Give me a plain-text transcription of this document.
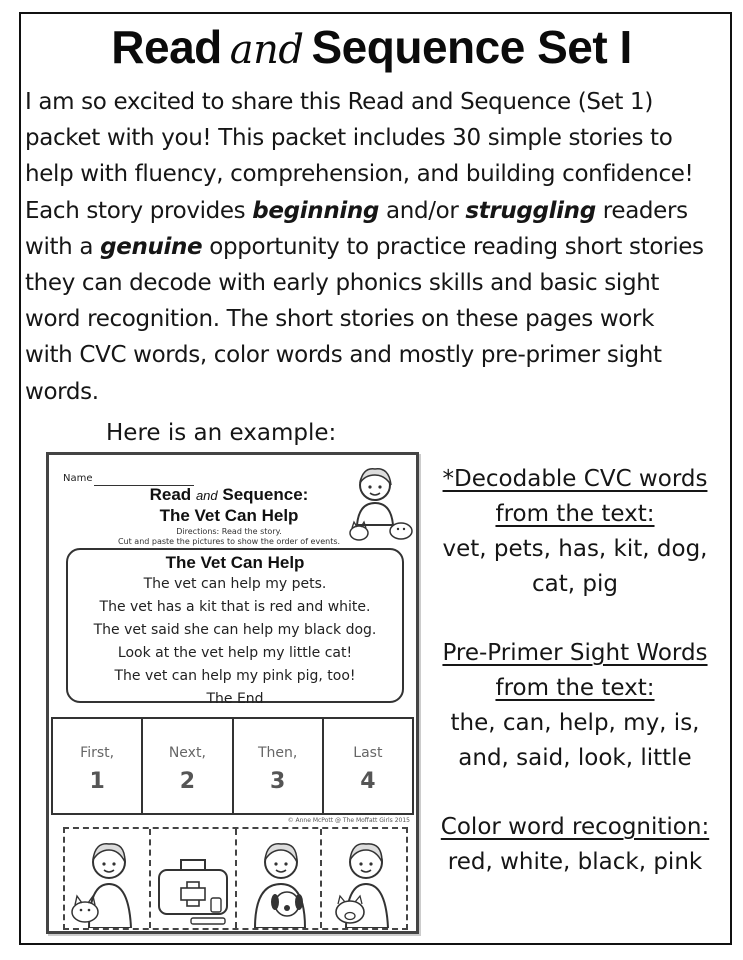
Read and Sequence Set I
I am so excited to share this Read and Sequence (Set 1)
packet with you! This packet includes 30 simple stories to
help with fluency, comprehension, and building confidence!
Each story provides beginning and/or struggling readers
with a genuine opportunity to practice reading short stories
they can decode with early phonics skills and basic sight
word recognition. The short stories on these pages work
with CVC words, color words and mostly pre-primer sight
words.
Here is an example:
Name
Read and Sequence:
The Vet Can Help
Directions: Read the story.
Cut and paste the pictures to show the order of events.
The Vet Can Help
The vet can help my pets.
The vet has a kit that is red and white.
The vet said she can help my black dog.
Look at the vet help my little cat!
The vet can help my pink pig, too!
The End
First,
1
Next,
2
Then,
3
Last
4
© Anne McPott @ The Moffatt Girls 2015
*Decodable CVC words
from the text:
vet, pets, has, kit, dog,
cat, pig
Pre-Primer Sight Words
from the text:
the, can, help, my, is,
and, said, look, little
Color word recognition:
red, white, black, pink
